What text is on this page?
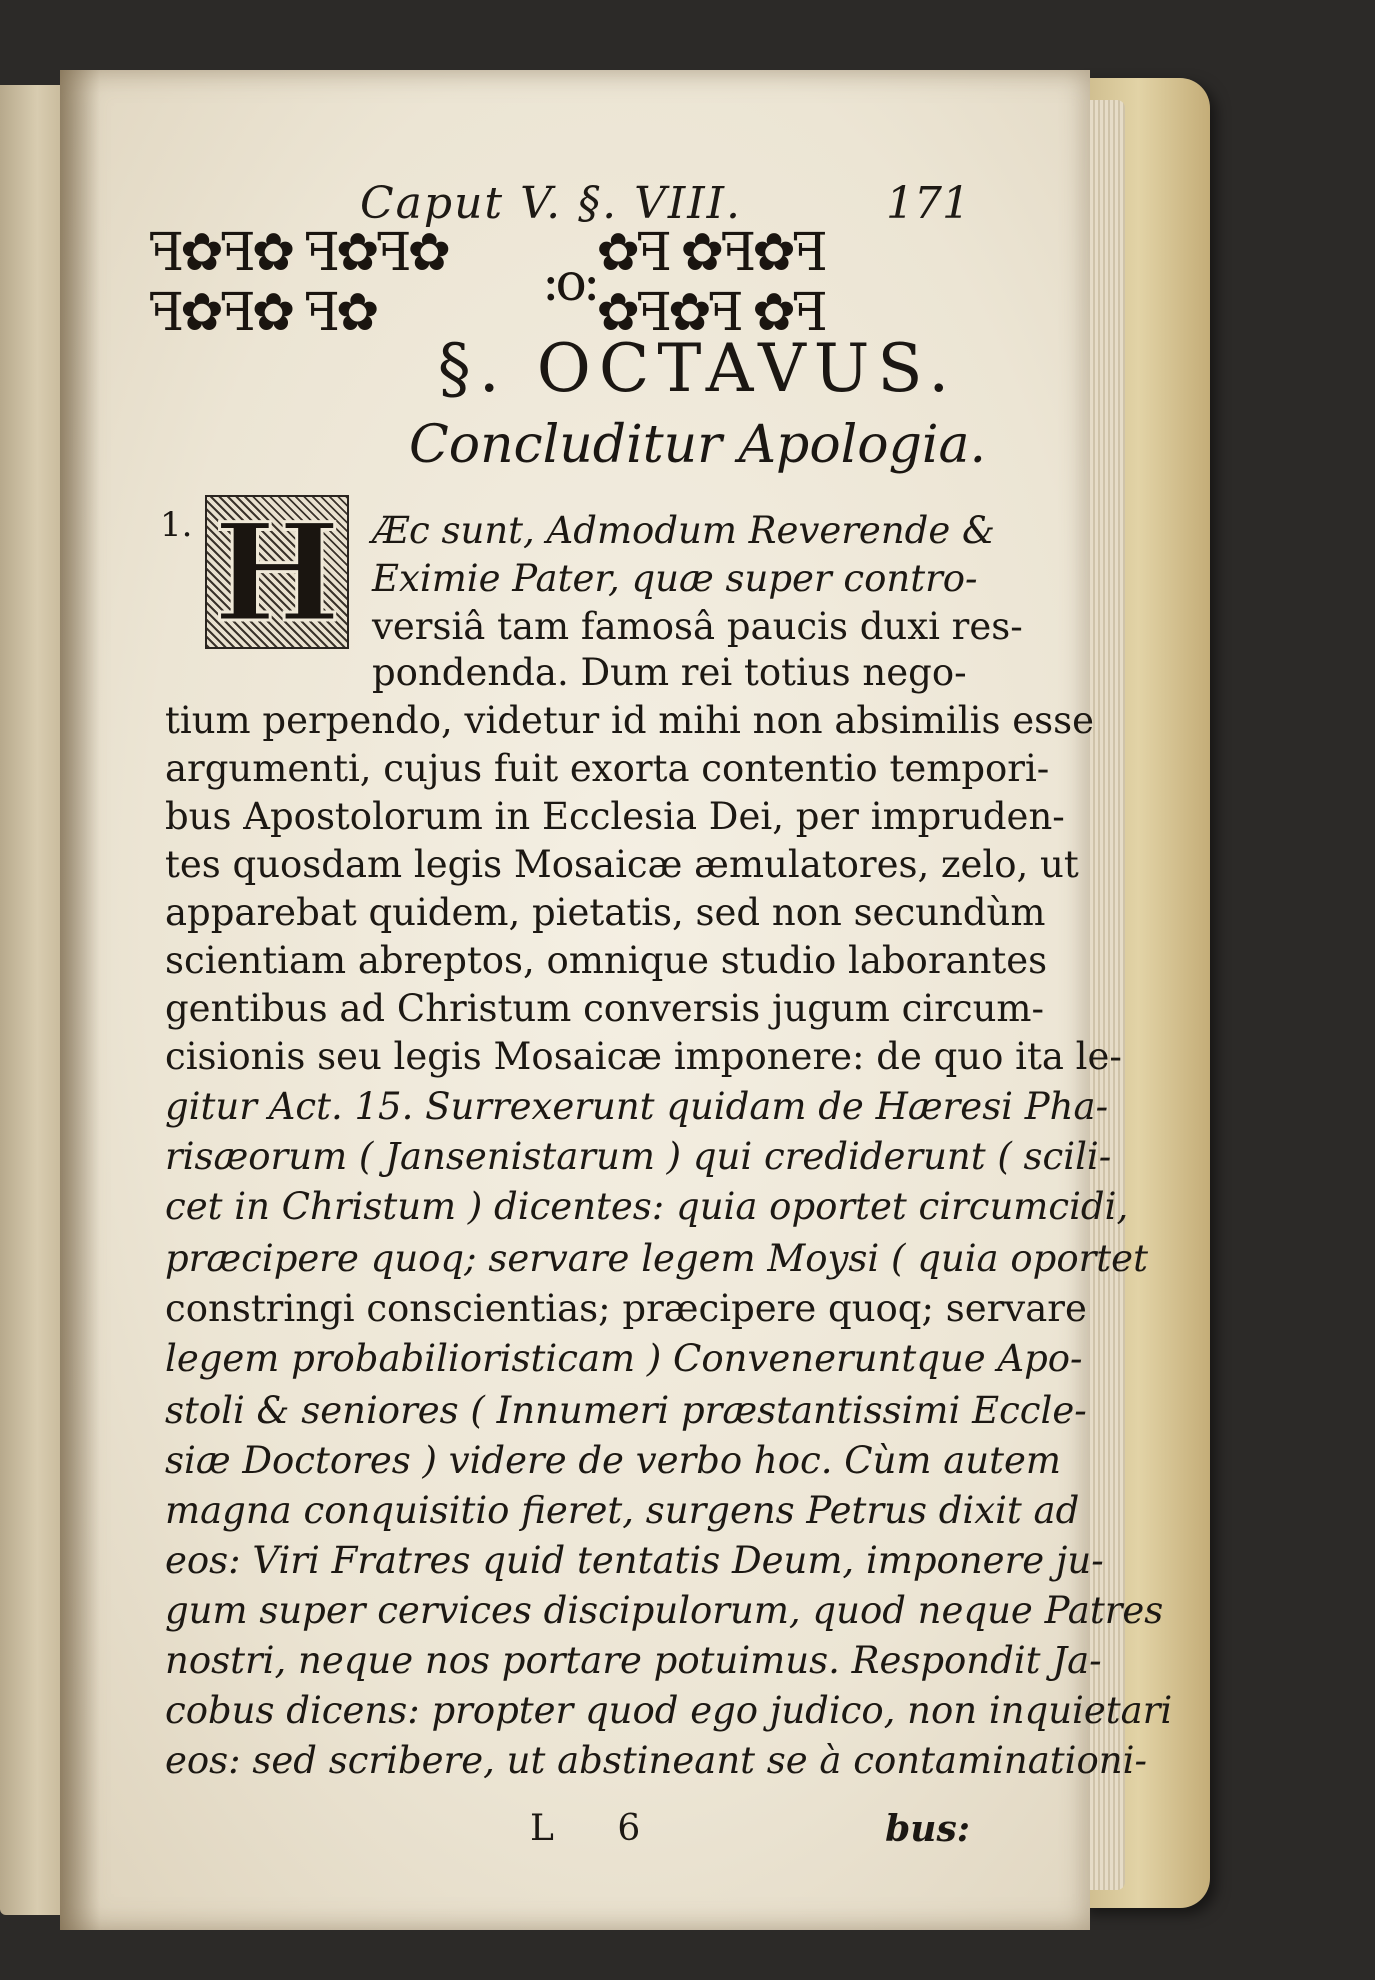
Caput V. §. VIII.	171
ꟻ✿ꟻ✿ ꟻ✿ꟻ✿ ꟻ✿ꟻ✿ ꟻ✿	:o: ✿ꟻ ✿ꟻ✿ꟻ ✿ꟻ✿ꟻ ✿ꟻ
§. OCTAVUS.
Concluditur Apologia.
1. H Æc sunt, Admodum Reverende &
Eximie Pater, quæ super contro-
versiâ tam famosâ paucis duxi res-
pondenda. Dum rei totius nego-
tium perpendo, videtur id mihi non absimilis esse
argumenti, cujus fuit exorta contentio tempori-
bus Apostolorum in Ecclesia Dei, per impruden-
tes quosdam legis Mosaicæ æmulatores, zelo, ut
apparebat quidem, pietatis, sed non secundùm
scientiam abreptos, omnique studio laborantes
gentibus ad Christum conversis jugum circum-
cisionis seu legis Mosaicæ imponere: de quo ita le-
gitur Act. 15. Surrexerunt quidam de Hæresi Pha-
risæorum ( Jansenistarum ) qui crediderunt ( scili-
cet in Christum ) dicentes: quia oportet circumcidi,
præcipere quoq; servare legem Moysi ( quia oportet
constringi conscientias; præcipere quoq; servare
legem probabilioristicam ) Conveneruntque Apo-
stoli & seniores ( Innumeri præstantissimi Eccle-
siæ Doctores ) videre de verbo hoc. Cùm autem
magna conquisitio fieret, surgens Petrus dixit ad
eos: Viri Fratres quid tentatis Deum, imponere ju-
gum super cervices discipulorum, quod neque Patres
nostri, neque nos portare potuimus. Respondit Ja-
cobus dicens: propter quod ego judico, non inquietari
eos: sed scribere, ut abstineant se à contaminationi-
L 6	bus:
